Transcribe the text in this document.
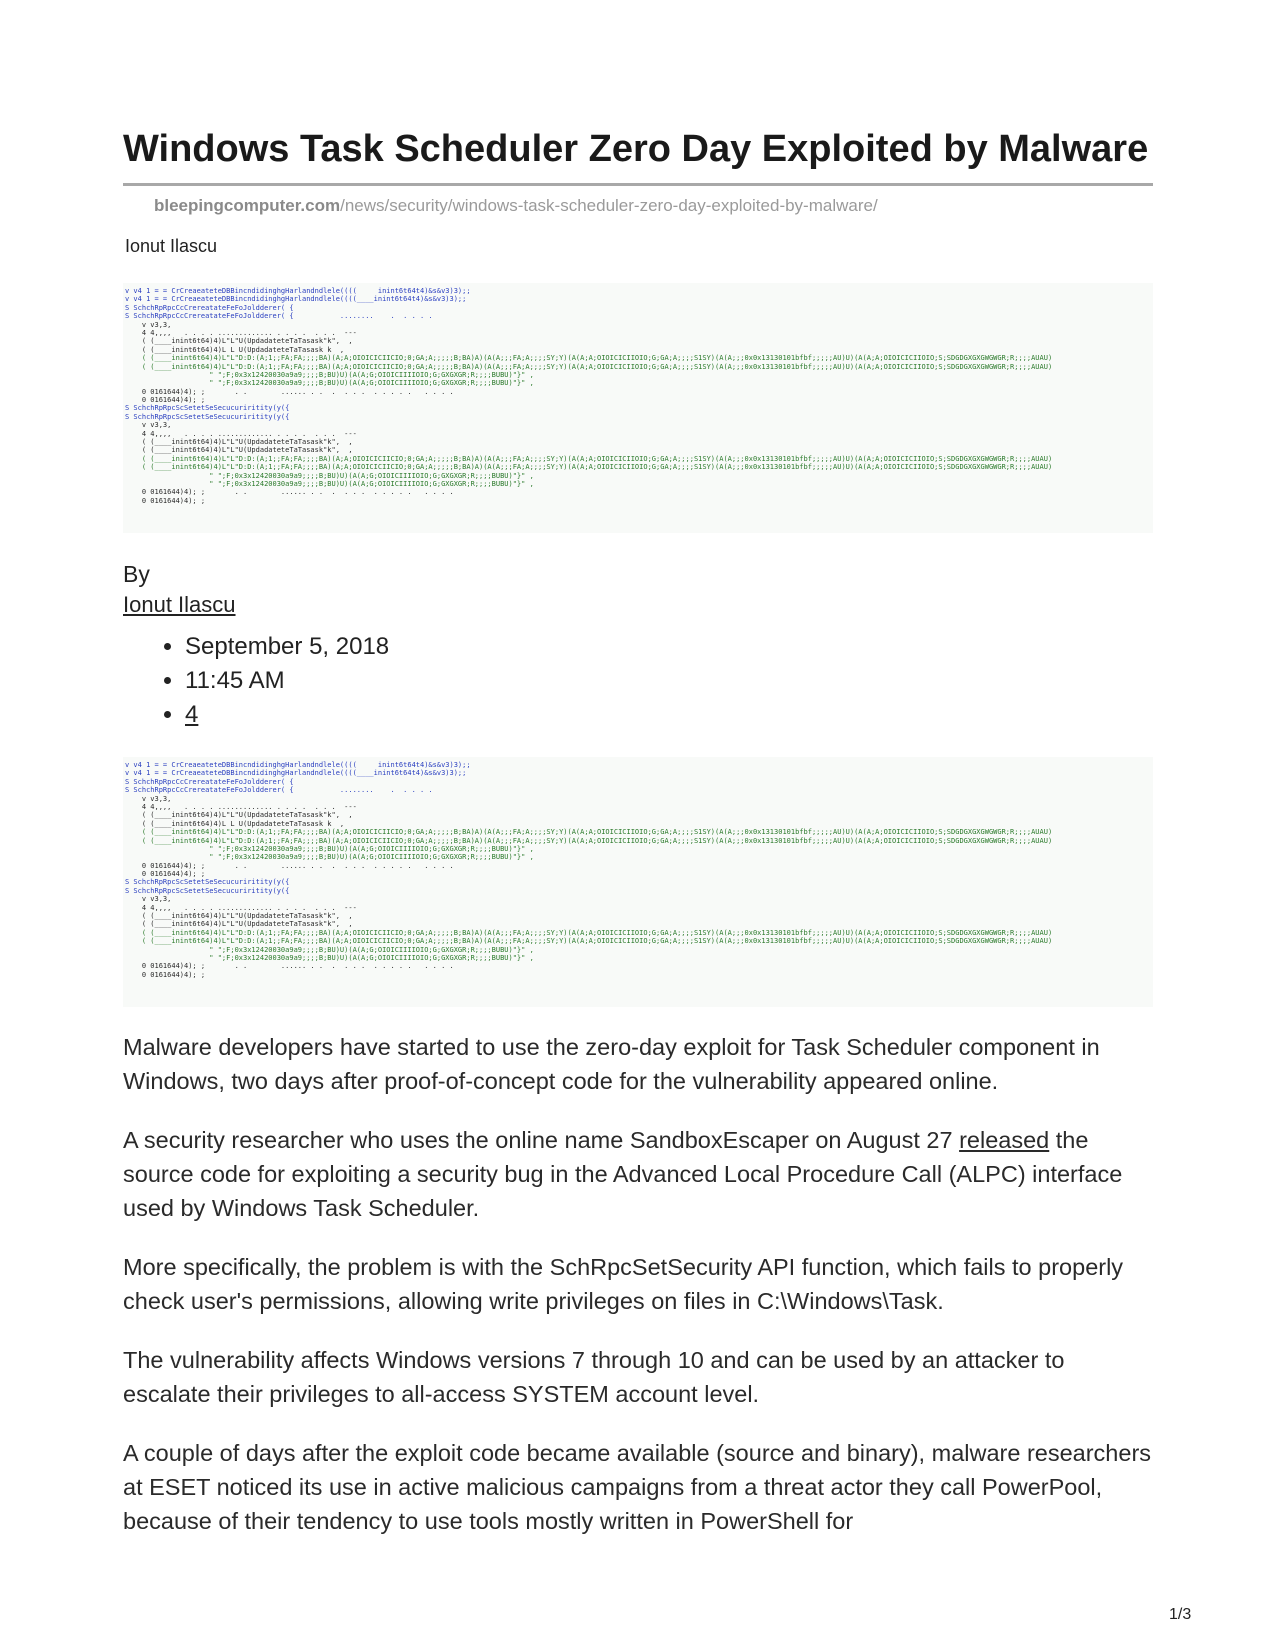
Windows Task Scheduler Zero Day Exploited by Malware
bleepingcomputer.com/news/security/windows-task-scheduler-zero-day-exploited-by-malware/
Ionut Ilascu
v v4 1 = = CrCreaeateteDBBincndidinghgHarlandndlele((((     inint6t64t4)&s&v3)3);;
v v4 1 = = CrCreaeateteDBBincndidinghgHarlandndlele((((____inint6t64t4)&s&v3)3);;
S SchchRpRpcCcCrereatateFeFoJoldderer( {
S SchchRpRpcCcCrereatateFeFoJoldderer( {           ........    .  . . . .
v v3,3,
4 4,,,,   . . . . ............. . . . .  . . .  ---
( (____inint6t64)4)L"L"U(UpdadateteTaTasask"k",  ,
( (____inint6t64)4)L L U(UpdadateteTaTasask k  ,
( (____inint6t64)4)L"L"D:D:(A;1;;FA;FA;;;;BA)(A;A;OIOICICIICIO;0;GA;A;;;;;B;BA)A)(A(A;;;FA;A;;;;SY;Y)(A(A;A;OIOICICIIOIO;G;GA;A;;;;S1SY)(A(A;;;0x0x13130101bfbf;;;;;AU)U)(A(A;A;OIOICICIIOIO;S;SDGDGXGXGWGWGR;R;;;;AUAU)
( (____inint6t64)4)L"L"D:D:(A;1;;FA;FA;;;;BA)(A;A;OIOICICIICIO;0;GA;A;;;;;B;BA)A)(A(A;;;FA;A;;;;SY;Y)(A(A;A;OIOICICIIOIO;G;GA;A;;;;S1SY)(A(A;;;0x0x13130101bfbf;;;;;AU)U)(A(A;A;OIOICICIIOIO;S;SDGDGXGXGWGWGR;R;;;;AUAU)
" ";F;0x3x12420030a9a9;;;;B;BU)U)(A(A;G;OIOICIIIIOIO;G;GXGXGR;R;;;;BUBU)"}" ,
" ";F;0x3x12420030a9a9;;;;B;BU)U)(A(A;G;OIOICIIIIOIO;G;GXGXGR;R;;;;BUBU)"}" ,
0 0161644)4); ;       . .        ...... . .  .  . . .  . . . . .   . . . .
0 0161644)4); ;
S SchchRpRpcScSetetSeSecucuriritity(y({
S SchchRpRpcScSetetSeSecucuriritity(y({
v v3,3,
4 4,,,,   . . . . ............. . . . .  . . .  ---
( (____inint6t64)4)L"L"U(UpdadateteTaTasask"k",  ,
( (____inint6t64)4)L"L"U(UpdadateteTaTasask"k",  ,
( (____inint6t64)4)L"L"D:D:(A;1;;FA;FA;;;;BA)(A;A;OIOICICIICIO;0;GA;A;;;;;B;BA)A)(A(A;;;FA;A;;;;SY;Y)(A(A;A;OIOICICIIOIO;G;GA;A;;;;S1SY)(A(A;;;0x0x13130101bfbf;;;;;AU)U)(A(A;A;OIOICICIIOIO;S;SDGDGXGXGWGWGR;R;;;;AUAU)
( (____inint6t64)4)L"L"D:D:(A;1;;FA;FA;;;;BA)(A;A;OIOICICIICIO;0;GA;A;;;;;B;BA)A)(A(A;;;FA;A;;;;SY;Y)(A(A;A;OIOICICIIOIO;G;GA;A;;;;S1SY)(A(A;;;0x0x13130101bfbf;;;;;AU)U)(A(A;A;OIOICICIIOIO;S;SDGDGXGXGWGWGR;R;;;;AUAU)
" ";F;0x3x12420030a9a9;;;;B;BU)U)(A(A;G;OIOICIIIIOIO;G;GXGXGR;R;;;;BUBU)"}" ,
" ";F;0x3x12420030a9a9;;;;B;BU)U)(A(A;G;OIOICIIIIOIO;G;GXGXGR;R;;;;BUBU)"}" ,
0 0161644)4); ;       . .        ...... . .  .  . . .  . . . . .   . . . .
0 0161644)4); ;
By
Ionut Ilascu
• September 5, 2018
• 11:45 AM
• 4
v v4 1 = = CrCreaeateteDBBincndidinghgHarlandndlele((((     inint6t64t4)&s&v3)3);;
v v4 1 = = CrCreaeateteDBBincndidinghgHarlandndlele((((____inint6t64t4)&s&v3)3);;
S SchchRpRpcCcCrereatateFeFoJoldderer( {
S SchchRpRpcCcCrereatateFeFoJoldderer( {           ........    .  . . . .
v v3,3,
4 4,,,,   . . . . ............. . . . .  . . .  ---
( (____inint6t64)4)L"L"U(UpdadateteTaTasask"k",  ,
( (____inint6t64)4)L L U(UpdadateteTaTasask k  ,
( (____inint6t64)4)L"L"D:D:(A;1;;FA;FA;;;;BA)(A;A;OIOICICIICIO;0;GA;A;;;;;B;BA)A)(A(A;;;FA;A;;;;SY;Y)(A(A;A;OIOICICIIOIO;G;GA;A;;;;S1SY)(A(A;;;0x0x13130101bfbf;;;;;AU)U)(A(A;A;OIOICICIIOIO;S;SDGDGXGXGWGWGR;R;;;;AUAU)
( (____inint6t64)4)L"L"D:D:(A;1;;FA;FA;;;;BA)(A;A;OIOICICIICIO;0;GA;A;;;;;B;BA)A)(A(A;;;FA;A;;;;SY;Y)(A(A;A;OIOICICIIOIO;G;GA;A;;;;S1SY)(A(A;;;0x0x13130101bfbf;;;;;AU)U)(A(A;A;OIOICICIIOIO;S;SDGDGXGXGWGWGR;R;;;;AUAU)
" ";F;0x3x12420030a9a9;;;;B;BU)U)(A(A;G;OIOICIIIIOIO;G;GXGXGR;R;;;;BUBU)"}" ,
" ";F;0x3x12420030a9a9;;;;B;BU)U)(A(A;G;OIOICIIIIOIO;G;GXGXGR;R;;;;BUBU)"}" ,
0 0161644)4); ;       . .        ...... . .  .  . . .  . . . . .   . . . .
0 0161644)4); ;
S SchchRpRpcScSetetSeSecucuriritity(y({
S SchchRpRpcScSetetSeSecucuriritity(y({
v v3,3,
4 4,,,,   . . . . ............. . . . .  . . .  ---
( (____inint6t64)4)L"L"U(UpdadateteTaTasask"k",  ,
( (____inint6t64)4)L"L"U(UpdadateteTaTasask"k",  ,
( (____inint6t64)4)L"L"D:D:(A;1;;FA;FA;;;;BA)(A;A;OIOICICIICIO;0;GA;A;;;;;B;BA)A)(A(A;;;FA;A;;;;SY;Y)(A(A;A;OIOICICIIOIO;G;GA;A;;;;S1SY)(A(A;;;0x0x13130101bfbf;;;;;AU)U)(A(A;A;OIOICICIIOIO;S;SDGDGXGXGWGWGR;R;;;;AUAU)
( (____inint6t64)4)L"L"D:D:(A;1;;FA;FA;;;;BA)(A;A;OIOICICIICIO;0;GA;A;;;;;B;BA)A)(A(A;;;FA;A;;;;SY;Y)(A(A;A;OIOICICIIOIO;G;GA;A;;;;S1SY)(A(A;;;0x0x13130101bfbf;;;;;AU)U)(A(A;A;OIOICICIIOIO;S;SDGDGXGXGWGWGR;R;;;;AUAU)
" ";F;0x3x12420030a9a9;;;;B;BU)U)(A(A;G;OIOICIIIIOIO;G;GXGXGR;R;;;;BUBU)"}" ,
" ";F;0x3x12420030a9a9;;;;B;BU)U)(A(A;G;OIOICIIIIOIO;G;GXGXGR;R;;;;BUBU)"}" ,
0 0161644)4); ;       . .        ...... . .  .  . . .  . . . . .   . . . .
0 0161644)4); ;

Malware developers have started to use the zero-day exploit for Task Scheduler component in Windows, two days after proof-of-concept code for the vulnerability appeared online.

A security researcher who uses the online name SandboxEscaper on August 27 released the source code for exploiting a security bug in the Advanced Local Procedure Call (ALPC) interface used by Windows Task Scheduler.

More specifically, the problem is with the SchRpcSetSecurity API function, which fails to properly check user's permissions, allowing write privileges on files in C:\Windows\Task.

The vulnerability affects Windows versions 7 through 10 and can be used by an attacker to escalate their privileges to all-access SYSTEM account level.

A couple of days after the exploit code became available (source and binary), malware researchers at ESET noticed its use in active malicious campaigns from a threat actor they call PowerPool, because of their tendency to use tools mostly written in PowerShell for

1/3
